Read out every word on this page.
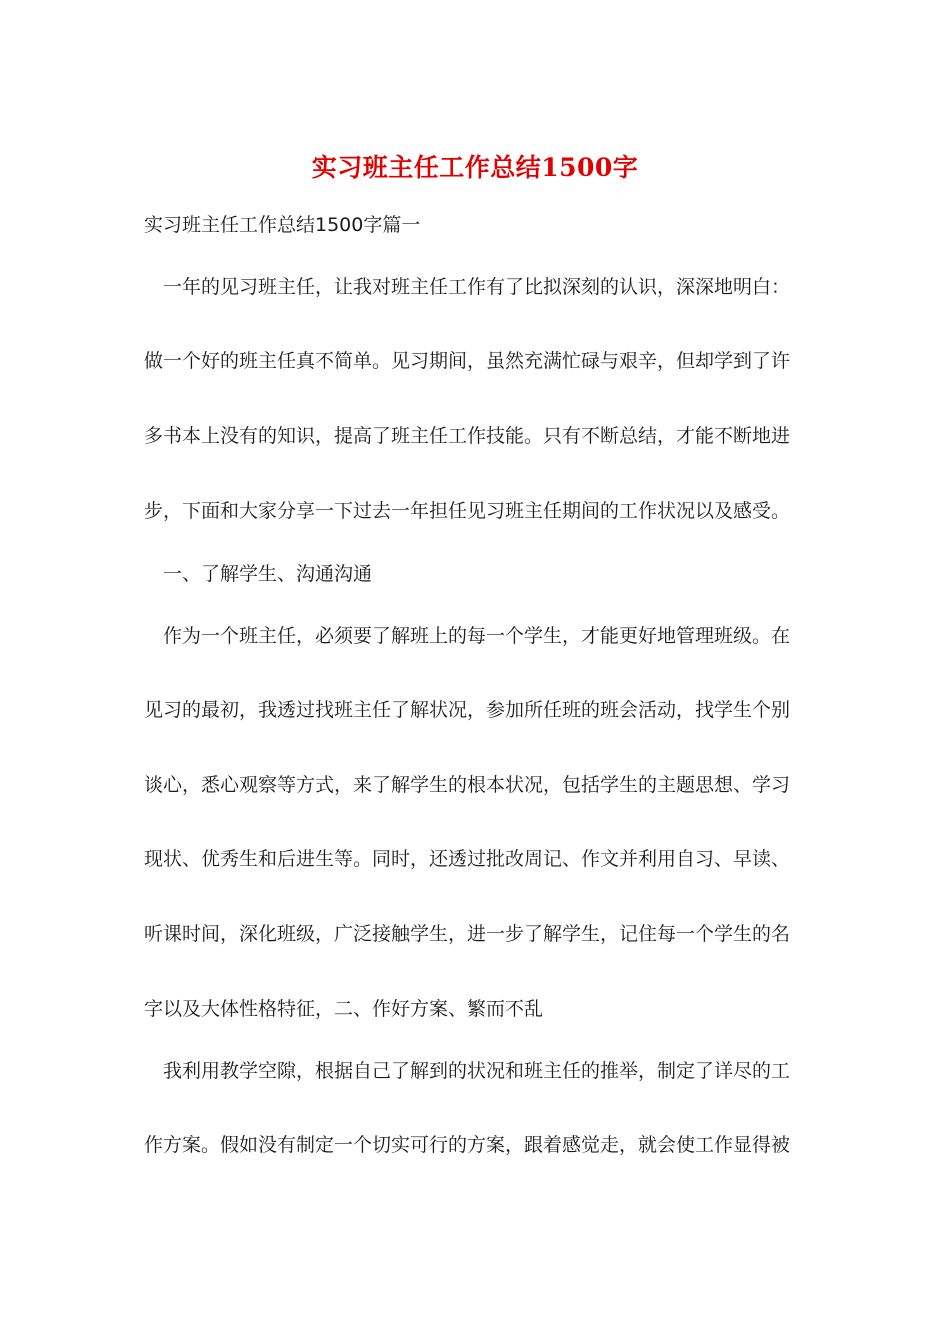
实习班主任工作总结1500字
实习班主任工作总结1500字篇一
一年的见习班主任，让我对班主任工作有了比拟深刻的认识，深深地明白：
做一个好的班主任真不简单。见习期间，虽然充满忙碌与艰辛，但却学到了许
多书本上没有的知识，提高了班主任工作技能。只有不断总结，才能不断地进
步，下面和大家分享一下过去一年担任见习班主任期间的工作状况以及感受。
一、了解学生、沟通沟通
作为一个班主任，必须要了解班上的每一个学生，才能更好地管理班级。在
见习的最初，我透过找班主任了解状况，参加所任班的班会活动，找学生个别
谈心，悉心观察等方式，来了解学生的根本状况，包括学生的主题思想、学习
现状、优秀生和后进生等。同时，还透过批改周记、作文并利用自习、早读、
听课时间，深化班级，广泛接触学生，进一步了解学生，记住每一个学生的名
字以及大体性格特征，二、作好方案、繁而不乱
我利用教学空隙，根据自己了解到的状况和班主任的推举，制定了详尽的工
作方案。假如没有制定一个切实可行的方案，跟着感觉走，就会使工作显得被
